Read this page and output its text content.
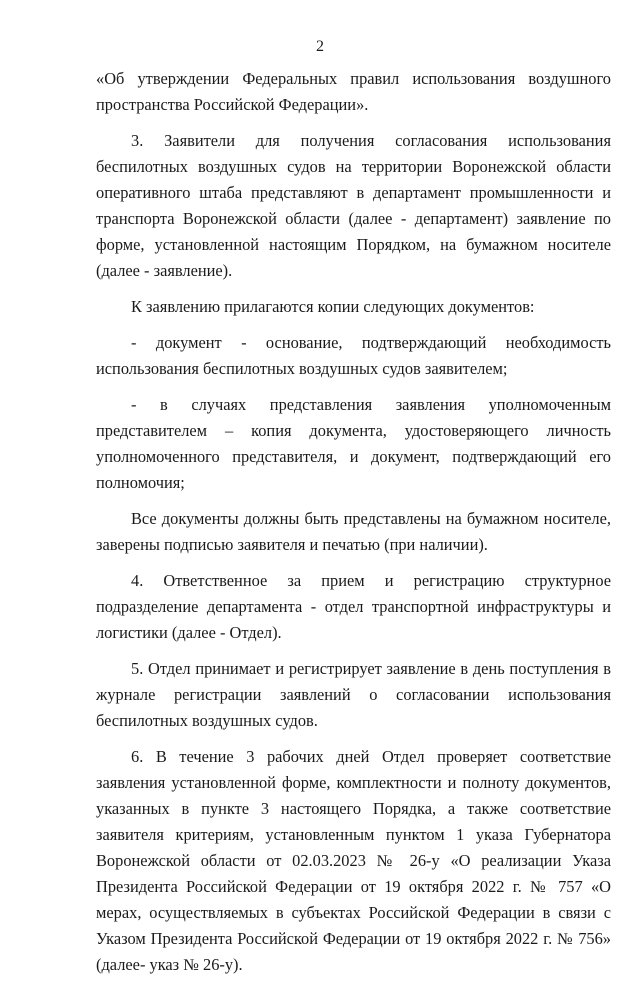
2

«Об утверждении Федеральных правил использования воздушного пространства Российской Федерации».

3. Заявители для получения согласования использования беспилотных воздушных судов на территории Воронежской области оперативного штаба представляют в департамент промышленности и транспорта Воронежской области (далее - департамент) заявление по форме, установленной настоящим Порядком, на бумажном носителе (далее - заявление).

К заявлению прилагаются копии следующих документов:

- документ - основание, подтверждающий необходимость использования беспилотных воздушных судов заявителем;

- в случаях представления заявления уполномоченным представителем – копия документа, удостоверяющего личность уполномоченного представителя, и документ, подтверждающий его полномочия;

Все документы должны быть представлены на бумажном носителе, заверены подписью заявителя и печатью (при наличии).

4. Ответственное за прием и регистрацию структурное подразделение департамента - отдел транспортной инфраструктуры и логистики (далее - Отдел).

5. Отдел принимает и регистрирует заявление в день поступления в журнале регистрации заявлений о согласовании использования беспилотных воздушных судов.

6. В течение 3 рабочих дней Отдел проверяет соответствие заявления установленной форме, комплектности и полноту документов, указанных в пункте 3 настоящего Порядка, а также соответствие заявителя критериям, установленным пунктом 1 указа Губернатора Воронежской области от 02.03.2023 № 26-у «О реализации Указа Президента Российской Федерации от 19 октября 2022 г. № 757 «О мерах, осуществляемых в субъектах Российской Федерации в связи с Указом Президента Российской Федерации от 19 октября 2022 г. № 756» (далее- указ № 26-у).
